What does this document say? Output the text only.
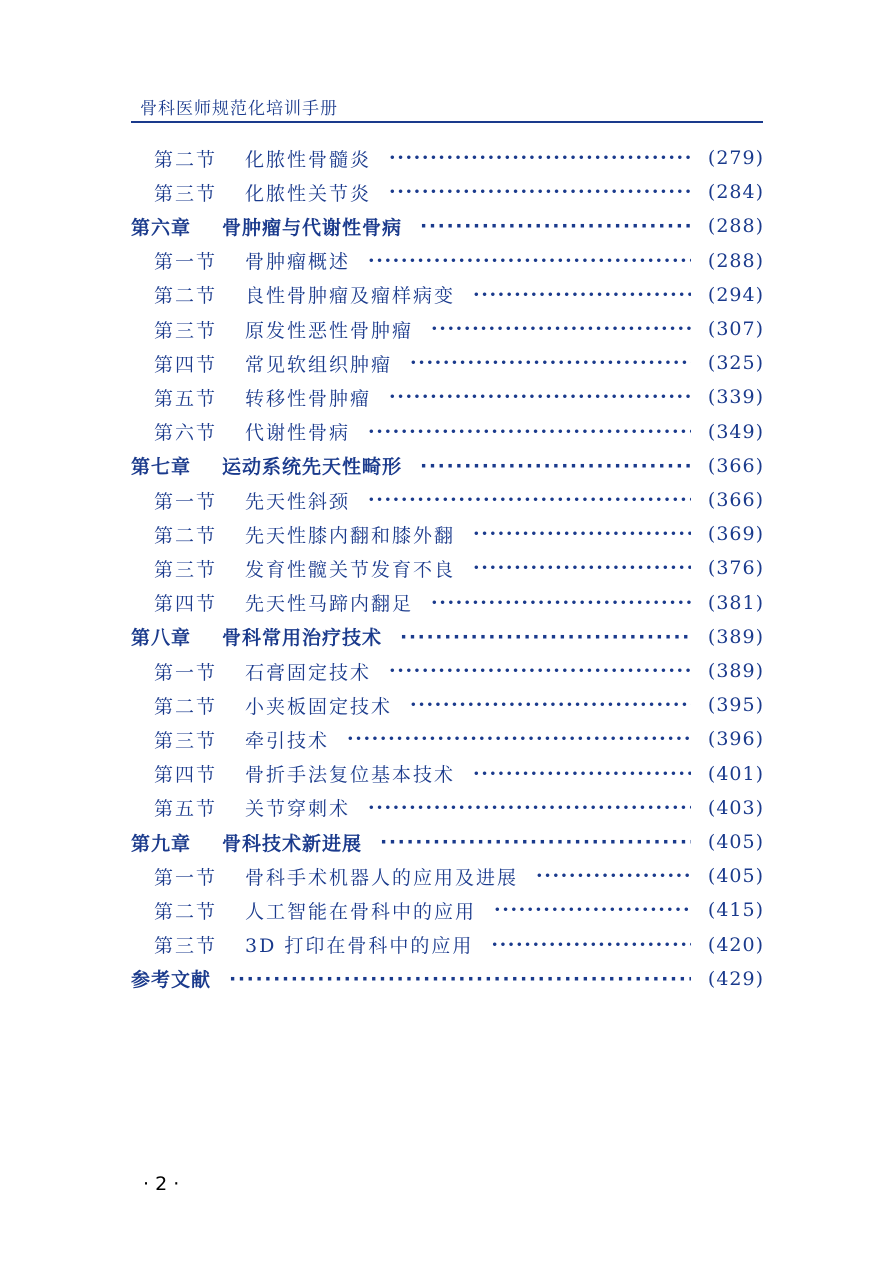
骨科医师规范化培训手册
第二节 化脓性骨髓炎 ·····	(279)
第三节 化脓性关节炎 ·····	(284)
第六章 骨肿瘤与代谢性骨病 ·····	(288)
第一节 骨肿瘤概述 ·····	(288)
第二节 良性骨肿瘤及瘤样病变 ·····	(294)
第三节 原发性恶性骨肿瘤 ·····	(307)
第四节 常见软组织肿瘤 ·····	(325)
第五节 转移性骨肿瘤 ·····	(339)
第六节 代谢性骨病 ·····	(349)
第七章 运动系统先天性畸形 ·····	(366)
第一节 先天性斜颈 ·····	(366)
第二节 先天性膝内翻和膝外翻 ·····	(369)
第三节 发育性髋关节发育不良 ·····	(376)
第四节 先天性马蹄内翻足 ·····	(381)
第八章 骨科常用治疗技术 ·····	(389)
第一节 石膏固定技术 ·····	(389)
第二节 小夹板固定技术 ·····	(395)
第三节 牵引技术 ·····	(396)
第四节 骨折手法复位基本技术 ·····	(401)
第五节 关节穿刺术 ·····	(403)
第九章 骨科技术新进展 ·····	(405)
第一节 骨科手术机器人的应用及进展 ·····	(405)
第二节 人工智能在骨科中的应用 ·····	(415)
第三节 3D 打印在骨科中的应用 ·····	(420)
参考文献 ·····	(429)
· 2 ·
